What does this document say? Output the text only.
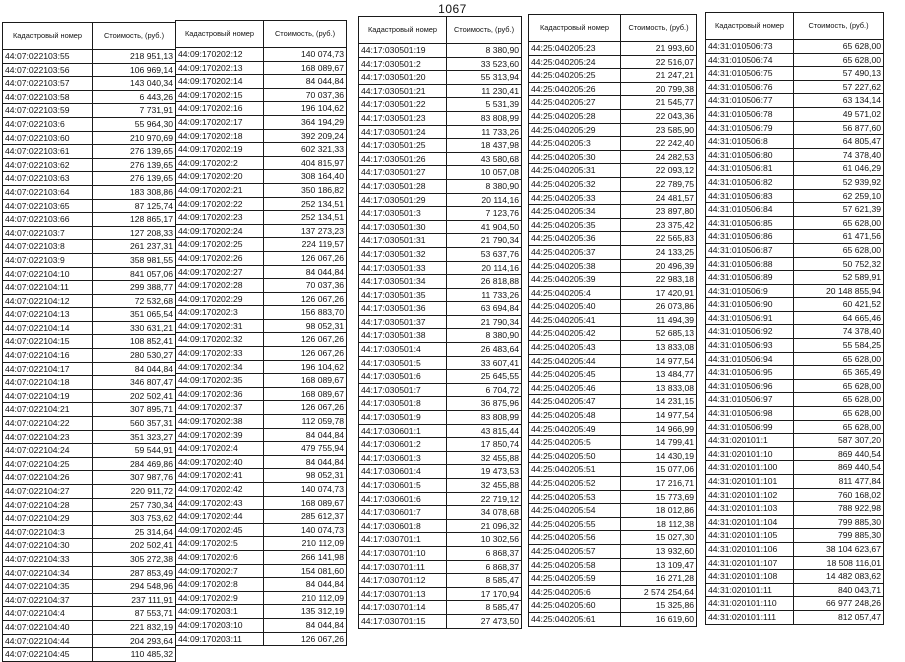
1067
Кадастровый номер	Стоимость, (руб.)
44:07:022103:55	218 951,13
44:07:022103:56	106 969,14
44:07:022103:57	143 040,34
44:07:022103:58	6 443,26
44:07:022103:59	7 731,91
44:07:022103:6	55 964,30
44:07:022103:60	210 970,69
44:07:022103:61	276 139,65
44:07:022103:62	276 139,65
44:07:022103:63	276 139,65
44:07:022103:64	183 308,86
44:07:022103:65	87 125,74
44:07:022103:66	128 865,17
44:07:022103:7	127 208,33
44:07:022103:8	261 237,31
44:07:022103:9	358 981,55
44:07:022104:10	841 057,06
44:07:022104:11	299 388,77
44:07:022104:12	72 532,68
44:07:022104:13	351 065,54
44:07:022104:14	330 631,21
44:07:022104:15	108 852,41
44:07:022104:16	280 530,27
44:07:022104:17	84 044,84
44:07:022104:18	346 807,47
44:07:022104:19	202 502,41
44:07:022104:21	307 895,71
44:07:022104:22	560 357,31
44:07:022104:23	351 323,27
44:07:022104:24	59 544,91
44:07:022104:25	284 469,86
44:07:022104:26	307 987,76
44:07:022104:27	220 911,72
44:07:022104:28	257 730,34
44:07:022104:29	303 753,62
44:07:022104:3	25 314,64
44:07:022104:30	202 502,41
44:07:022104:33	305 272,38
44:07:022104:34	287 853,49
44:07:022104:35	294 548,96
44:07:022104:37	237 111,91
44:07:022104:4	87 553,71
44:07:022104:40	221 832,19
44:07:022104:44	204 293,64
44:07:022104:45	110 485,32
Кадастровый номер	Стоимость, (руб.)
44:09:170202:12	140 074,73
44:09:170202:13	168 089,67
44:09:170202:14	84 044,84
44:09:170202:15	70 037,36
44:09:170202:16	196 104,62
44:09:170202:17	364 194,29
44:09:170202:18	392 209,24
44:09:170202:19	602 321,33
44:09:170202:2	404 815,97
44:09:170202:20	308 164,40
44:09:170202:21	350 186,82
44:09:170202:22	252 134,51
44:09:170202:23	252 134,51
44:09:170202:24	137 273,23
44:09:170202:25	224 119,57
44:09:170202:26	126 067,26
44:09:170202:27	84 044,84
44:09:170202:28	70 037,36
44:09:170202:29	126 067,26
44:09:170202:3	156 883,70
44:09:170202:31	98 052,31
44:09:170202:32	126 067,26
44:09:170202:33	126 067,26
44:09:170202:34	196 104,62
44:09:170202:35	168 089,67
44:09:170202:36	168 089,67
44:09:170202:37	126 067,26
44:09:170202:38	112 059,78
44:09:170202:39	84 044,84
44:09:170202:4	479 755,94
44:09:170202:40	84 044,84
44:09:170202:41	98 052,31
44:09:170202:42	140 074,73
44:09:170202:43	168 089,67
44:09:170202:44	285 612,37
44:09:170202:45	140 074,73
44:09:170202:5	210 112,09
44:09:170202:6	266 141,98
44:09:170202:7	154 081,60
44:09:170202:8	84 044,84
44:09:170202:9	210 112,09
44:09:170203:1	135 312,19
44:09:170203:10	84 044,84
44:09:170203:11	126 067,26
Кадастровый номер	Стоимость, (руб.)
44:17:030501:19	8 380,90
44:17:030501:2	33 523,60
44:17:030501:20	55 313,94
44:17:030501:21	11 230,41
44:17:030501:22	5 531,39
44:17:030501:23	83 808,99
44:17:030501:24	11 733,26
44:17:030501:25	18 437,98
44:17:030501:26	43 580,68
44:17:030501:27	10 057,08
44:17:030501:28	8 380,90
44:17:030501:29	20 114,16
44:17:030501:3	7 123,76
44:17:030501:30	41 904,50
44:17:030501:31	21 790,34
44:17:030501:32	53 637,76
44:17:030501:33	20 114,16
44:17:030501:34	26 818,88
44:17:030501:35	11 733,26
44:17:030501:36	63 694,84
44:17:030501:37	21 790,34
44:17:030501:38	8 380,90
44:17:030501:4	26 483,64
44:17:030501:5	33 607,41
44:17:030501:6	25 645,55
44:17:030501:7	6 704,72
44:17:030501:8	36 875,96
44:17:030501:9	83 808,99
44:17:030601:1	43 815,44
44:17:030601:2	17 850,74
44:17:030601:3	32 455,88
44:17:030601:4	19 473,53
44:17:030601:5	32 455,88
44:17:030601:6	22 719,12
44:17:030601:7	34 078,68
44:17:030601:8	21 096,32
44:17:030701:1	10 302,56
44:17:030701:10	6 868,37
44:17:030701:11	6 868,37
44:17:030701:12	8 585,47
44:17:030701:13	17 170,94
44:17:030701:14	8 585,47
44:17:030701:15	27 473,50
Кадастровый номер	Стоимость, (руб.)
44:25:040205:23	21 993,60
44:25:040205:24	22 516,07
44:25:040205:25	21 247,21
44:25:040205:26	20 799,38
44:25:040205:27	21 545,77
44:25:040205:28	22 043,36
44:25:040205:29	23 585,90
44:25:040205:3	22 242,40
44:25:040205:30	24 282,53
44:25:040205:31	22 093,12
44:25:040205:32	22 789,75
44:25:040205:33	24 481,57
44:25:040205:34	23 897,80
44:25:040205:35	23 375,42
44:25:040205:36	22 565,83
44:25:040205:37	24 133,25
44:25:040205:38	20 496,39
44:25:040205:39	22 983,18
44:25:040205:4	17 420,91
44:25:040205:40	26 073,86
44:25:040205:41	11 494,39
44:25:040205:42	52 685,13
44:25:040205:43	13 833,08
44:25:040205:44	14 977,54
44:25:040205:45	13 484,77
44:25:040205:46	13 833,08
44:25:040205:47	14 231,15
44:25:040205:48	14 977,54
44:25:040205:49	14 966,99
44:25:040205:5	14 799,41
44:25:040205:50	14 430,19
44:25:040205:51	15 077,06
44:25:040205:52	17 216,71
44:25:040205:53	15 773,69
44:25:040205:54	18 012,86
44:25:040205:55	18 112,38
44:25:040205:56	15 027,30
44:25:040205:57	13 932,60
44:25:040205:58	13 109,47
44:25:040205:59	16 271,28
44:25:040205:6	2 574 254,64
44:25:040205:60	15 325,86
44:25:040205:61	16 619,60
Кадастровый номер	Стоимость, (руб.)
44:31:010506:73	65 628,00
44:31:010506:74	65 628,00
44:31:010506:75	57 490,13
44:31:010506:76	57 227,62
44:31:010506:77	63 134,14
44:31:010506:78	49 571,02
44:31:010506:79	56 877,60
44:31:010506:8	64 805,47
44:31:010506:80	74 378,40
44:31:010506:81	61 046,29
44:31:010506:82	52 939,92
44:31:010506:83	62 259,10
44:31:010506:84	57 621,39
44:31:010506:85	65 628,00
44:31:010506:86	61 471,56
44:31:010506:87	65 628,00
44:31:010506:88	50 752,32
44:31:010506:89	52 589,91
44:31:010506:9	20 148 855,94
44:31:010506:90	60 421,52
44:31:010506:91	64 665,46
44:31:010506:92	74 378,40
44:31:010506:93	55 584,25
44:31:010506:94	65 628,00
44:31:010506:95	65 365,49
44:31:010506:96	65 628,00
44:31:010506:97	65 628,00
44:31:010506:98	65 628,00
44:31:010506:99	65 628,00
44:31:020101:1	587 307,20
44:31:020101:10	869 440,54
44:31:020101:100	869 440,54
44:31:020101:101	811 477,84
44:31:020101:102	760 168,02
44:31:020101:103	788 922,98
44:31:020101:104	799 885,30
44:31:020101:105	799 885,30
44:31:020101:106	38 104 623,67
44:31:020101:107	18 508 116,01
44:31:020101:108	14 482 083,62
44:31:020101:11	840 043,71
44:31:020101:110	66 977 248,26
44:31:020101:111	812 057,47
